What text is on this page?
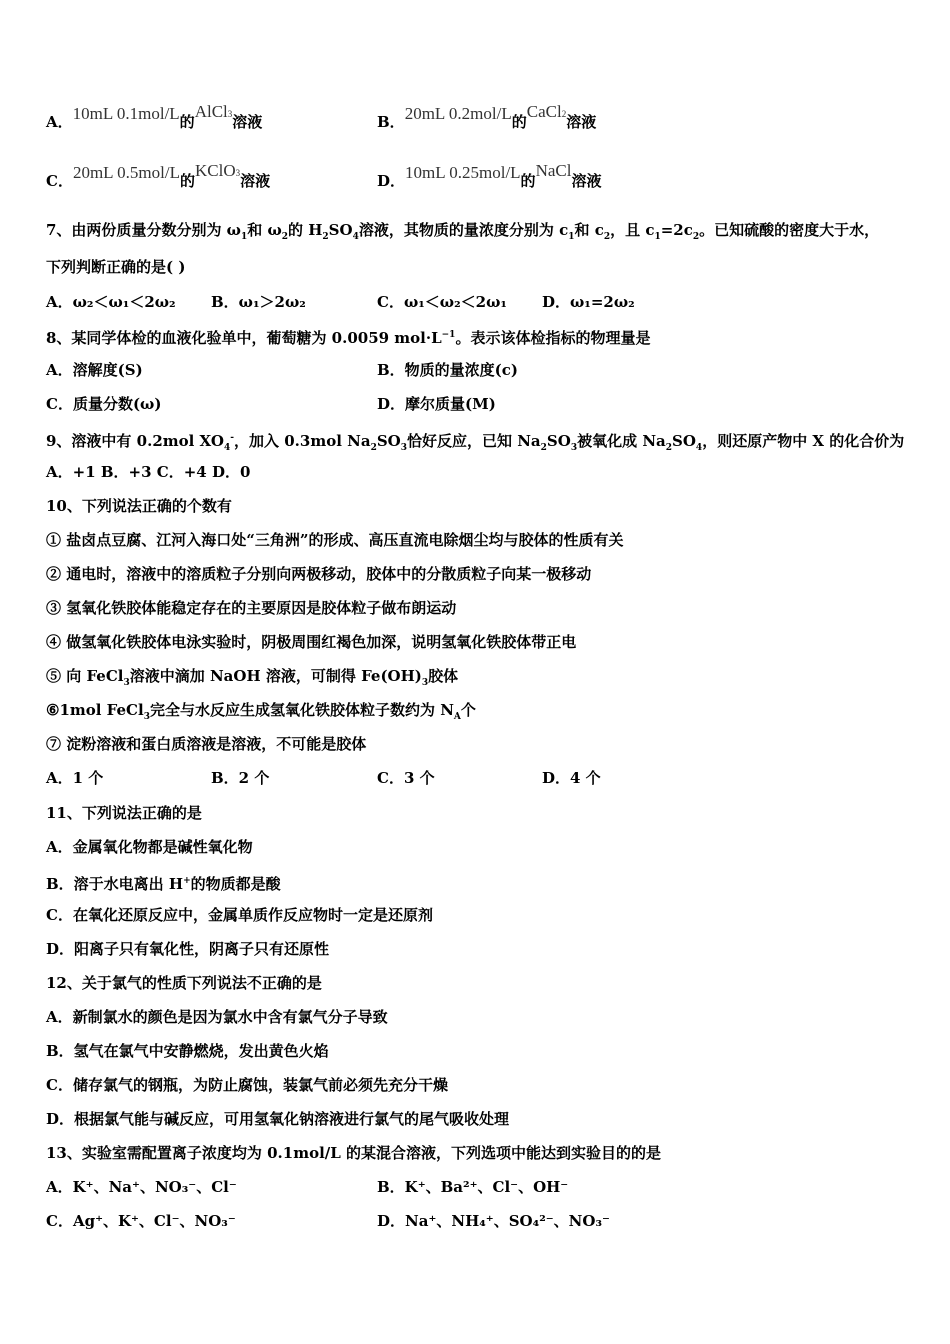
A．10mL 0.1mol/L的AlCl3溶液	B．20mL 0.2mol/L的CaCl2溶液
C．20mL 0.5mol/L的KClO3溶液	D．10mL 0.25mol/L的NaCl溶液
7、由两份质量分数分别为 $\omega_1$和 $\omega_2$的 $H_2SO_4$溶液，其物质的量浓度分别为 $c_1$和 $c_2$，且 $c_1=2c_2$。已知硫酸的密度大于水，
下列判断正确的是( )
A．ω₂＜ω₁＜2ω₂ B．ω₁＞2ω₂	C．ω₁＜ω₂＜2ω₁ D．ω₁=2ω₂
8、某同学体检的血液化验单中，葡萄糖为 0.0059 $mol\cdot L^{-1}$。表示该体检指标的物理量是
A．溶解度(S)	B．物质的量浓度(c)
C．质量分数(ω)	D．摩尔质量(M)
9、溶液中有 0.2mol $XO_4^-$，加入 0.3mol $Na_2SO_3$恰好反应，已知 $Na_2SO_3$被氧化成 $Na_2SO_4$，则还原产物中 X 的化合价为
A．+1 B．+3 C．+4 D．0
10、下列说法正确的个数有
① 盐卤点豆腐、江河入海口处“三角洲”的形成、高压直流电除烟尘均与胶体的性质有关
② 通电时，溶液中的溶质粒子分别向两极移动，胶体中的分散质粒子向某一极移动
③ 氢氧化铁胶体能稳定存在的主要原因是胶体粒子做布朗运动
④ 做氢氧化铁胶体电泳实验时，阴极周围红褐色加深，说明氢氧化铁胶体带正电
⑤ 向 FeCl$_3$溶液中滴加 NaOH 溶液，可制得 $Fe(OH)_3$胶体
⑥1mol FeCl$_3$完全与水反应生成氢氧化铁胶体粒子数约为 $N_A$个
⑦ 淀粉溶液和蛋白质溶液是溶液，不可能是胶体
A．1 个	B．2 个	C．3 个	D．4 个
11、下列说法正确的是
A．金属氧化物都是碱性氧化物
B．溶于水电离出 H+的物质都是酸
C．在氧化还原反应中，金属单质作反应物时一定是还原剂
D．阳离子只有氧化性，阴离子只有还原性
12、关于氯气的性质下列说法不正确的是
A．新制氯水的颜色是因为氯水中含有氯气分子导致
B．氢气在氯气中安静燃烧，发出黄色火焰
C．储存氯气的钢瓶，为防止腐蚀，装氯气前必须先充分干燥
D．根据氯气能与碱反应，可用氢氧化钠溶液进行氯气的尾气吸收处理
13、实验室需配置离子浓度均为 0.1mol/L 的某混合溶液，下列选项中能达到实验目的的是
A．K⁺、Na⁺、NO₃⁻、Cl⁻	B．K⁺、Ba²⁺、Cl⁻、OH⁻
C．Ag⁺、K⁺、Cl⁻、NO₃⁻	D．Na⁺、NH₄⁺、SO₄²⁻、NO₃⁻
